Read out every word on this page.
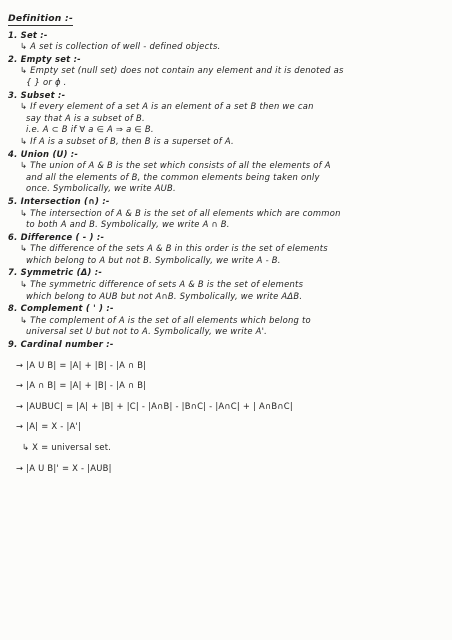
Definition :-
1. Set :-
↳ A set is collection of well - defined objects.
2. Empty set :-
↳ Empty set (null set) does not contain any element and it is denoted as
{ } or ϕ .
3. Subset :-
↳ If every element of a set A is an element of a set B then we can
say that A is a subset of B.
i.e. A ⊂ B if ∀ a ∈ A ⇒ a ∈ B.
↳ If A is a subset of B, then B is a superset of A.
4. Union (U) :-
↳ The union of A & B is the set which consists of all the elements of A
and all the elements of B, the common elements being taken only
once. Symbolically, we write AUB.
5. Intersection (∩) :-
↳ The intersection of A & B is the set of all elements which are common
to both A and B. Symbolically, we write A ∩ B.
6. Difference ( - ) :-
↳ The difference of the sets A & B in this order is the set of elements
which belong to A but not B. Symbolically, we write A - B.
7. Symmetric (Δ) :-
↳ The symmetric difference of sets A & B is the set of elements
which belong to AUB but not A∩B. Symbolically, we write AΔB.
8. Complement ( ' ) :-
↳ The complement of A is the set of all elements which belong to
universal set U but not to A. Symbolically, we write A'.
9. Cardinal number :-
→ |A U B| = |A| + |B| - |A ∩ B|
→ |A ∩ B| = |A| + |B| - |A ∩ B|
→ |AUBUC| = |A| + |B| + |C| - |A∩B| - |B∩C| - |A∩C| + | A∩B∩C|
→ |A| = X - |A'|
↳ X = universal set.
→ |A U B|' = X - |AUB|
